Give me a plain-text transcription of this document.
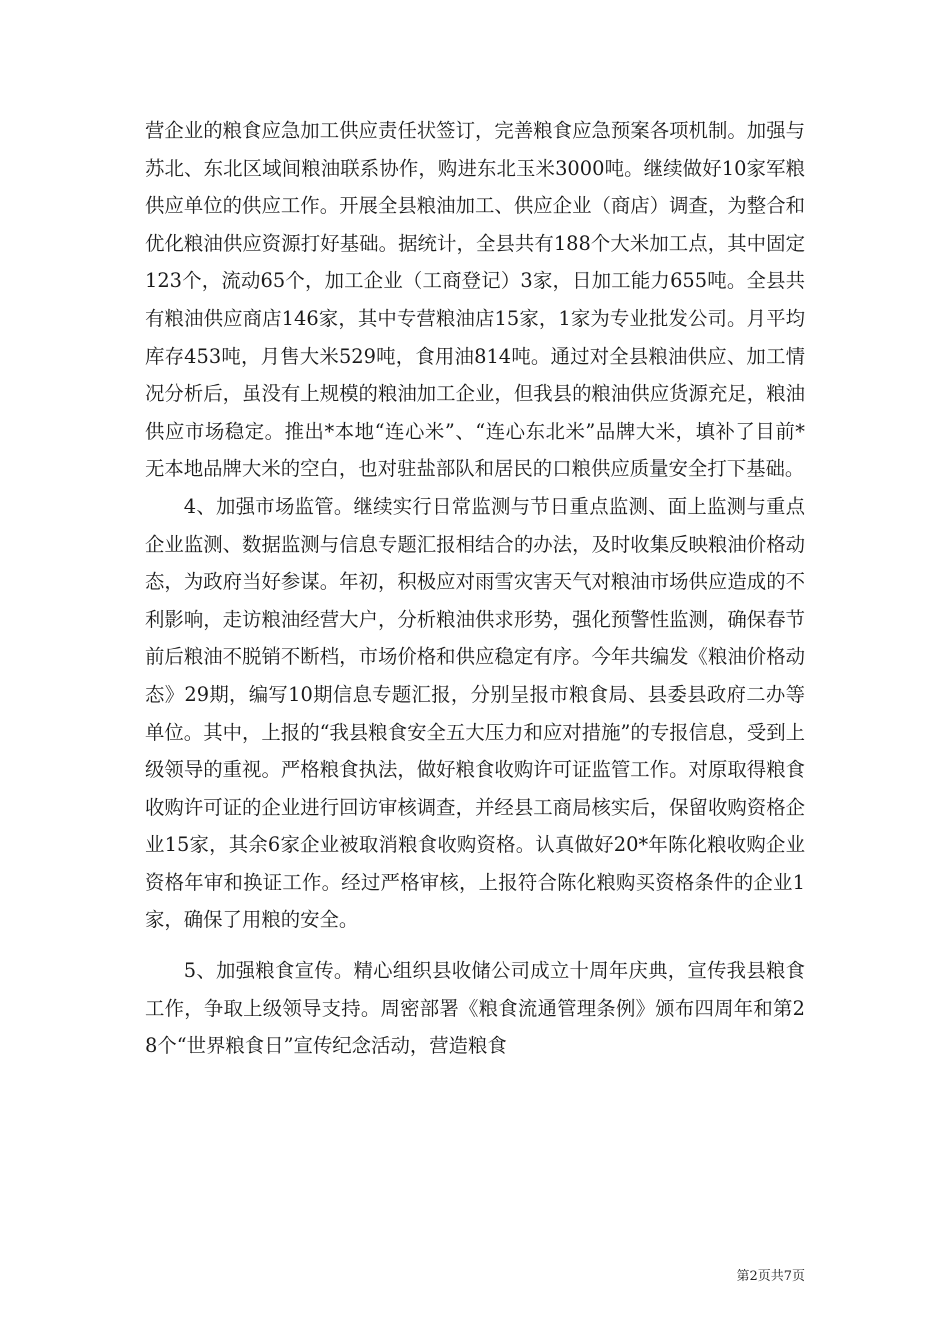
营企业的粮食应急加工供应责任状签订，完善粮食应急预案各项机制。加强与苏北、东北区域间粮油联系协作，购进东北玉米3000吨。继续做好10家军粮供应单位的供应工作。开展全县粮油加工、供应企业（商店）调查，为整合和优化粮油供应资源打好基础。据统计，全县共有188个大米加工点，其中固定123个，流动65个，加工企业（工商登记）3家，日加工能力655吨。全县共有粮油供应商店146家，其中专营粮油店15家，1家为专业批发公司。月平均库存453吨，月售大米529吨，食用油814吨。通过对全县粮油供应、加工情况分析后，虽没有上规模的粮油加工企业，但我县的粮油供应货源充足，粮油供应市场稳定。推出*本地“连心米”、“连心东北米”品牌大米，填补了目前*无本地品牌大米的空白，也对驻盐部队和居民的口粮供应质量安全打下基础。

4、加强市场监管。继续实行日常监测与节日重点监测、面上监测与重点企业监测、数据监测与信息专题汇报相结合的办法，及时收集反映粮油价格动态，为政府当好参谋。年初，积极应对雨雪灾害天气对粮油市场供应造成的不利影响，走访粮油经营大户，分析粮油供求形势，强化预警性监测，确保春节前后粮油不脱销不断档，市场价格和供应稳定有序。今年共编发《粮油价格动态》29期，编写10期信息专题汇报，分别呈报市粮食局、县委县政府二办等单位。其中，上报的“我县粮食安全五大压力和应对措施”的专报信息，受到上级领导的重视。严格粮食执法，做好粮食收购许可证监管工作。对原取得粮食收购许可证的企业进行回访审核调查，并经县工商局核实后，保留收购资格企业15家，其余6家企业被取消粮食收购资格。认真做好20*年陈化粮收购企业资格年审和换证工作。经过严格审核，上报符合陈化粮购买资格条件的企业1家，确保了用粮的安全。

5、加强粮食宣传。精心组织县收储公司成立十周年庆典，宣传我县粮食工作，争取上级领导支持。周密部署《粮食流通管理条例》颁布四周年和第28个“世界粮食日”宣传纪念活动，营造粮食

第2页共7页
